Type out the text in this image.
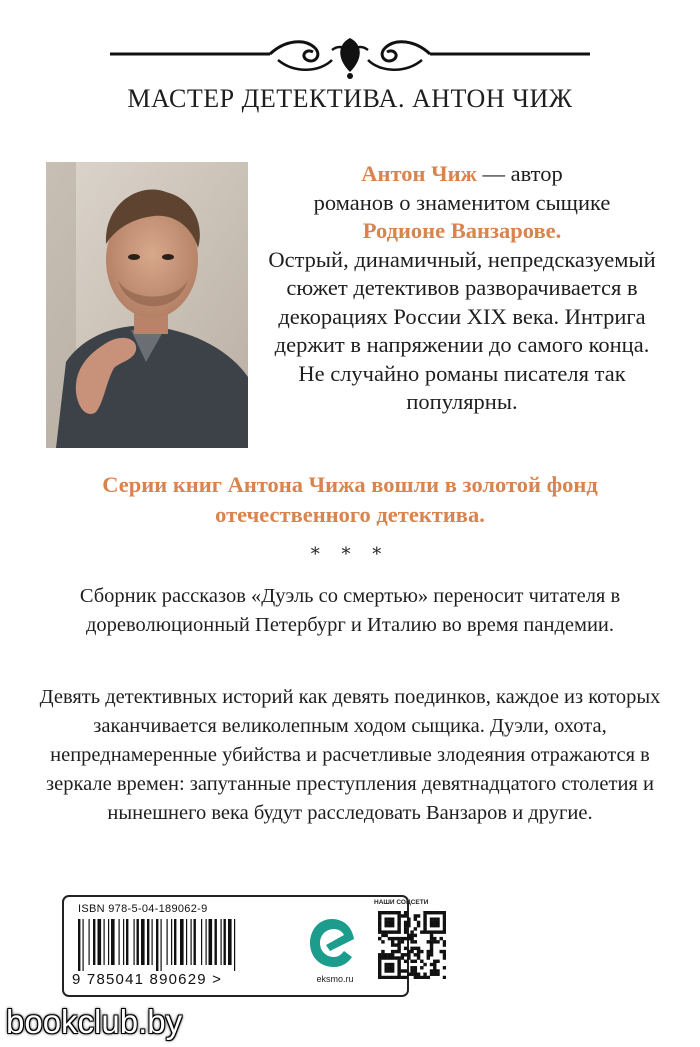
МАСТЕР ДЕТЕКТИВА. АНТОН ЧИЖ
Антон Чиж — автор
романов о знаменитом сыщике
Родионе Ванзарове.
Острый, динамичный, непредсказуемый сюжет детективов разворачивается в декорациях России XIX века. Интрига держит в напряжении до самого конца. Не случайно романы писателя так популярны.
Серии книг Антона Чижа вошли в золотой фонд отечественного детектива.
* * *
Сборник рассказов «Дуэль со смертью» переносит читателя в дореволюционный Петербург и Италию во время пандемии.
Девять детективных историй как девять поединков, каждое из которых заканчивается великолепным ходом сыщика. Дуэли, охота, непреднамеренные убийства и расчетливые злодеяния отражаются в зеркале времен: запутанные преступления девятнадцатого столетия и нынешнего века будут расследовать Ванзаров и другие.
ISBN 978-5-04-189062-9
9 785041 890629 >	eksmo.ru
НАШИ СОЦСЕТИ
bookclub.by
